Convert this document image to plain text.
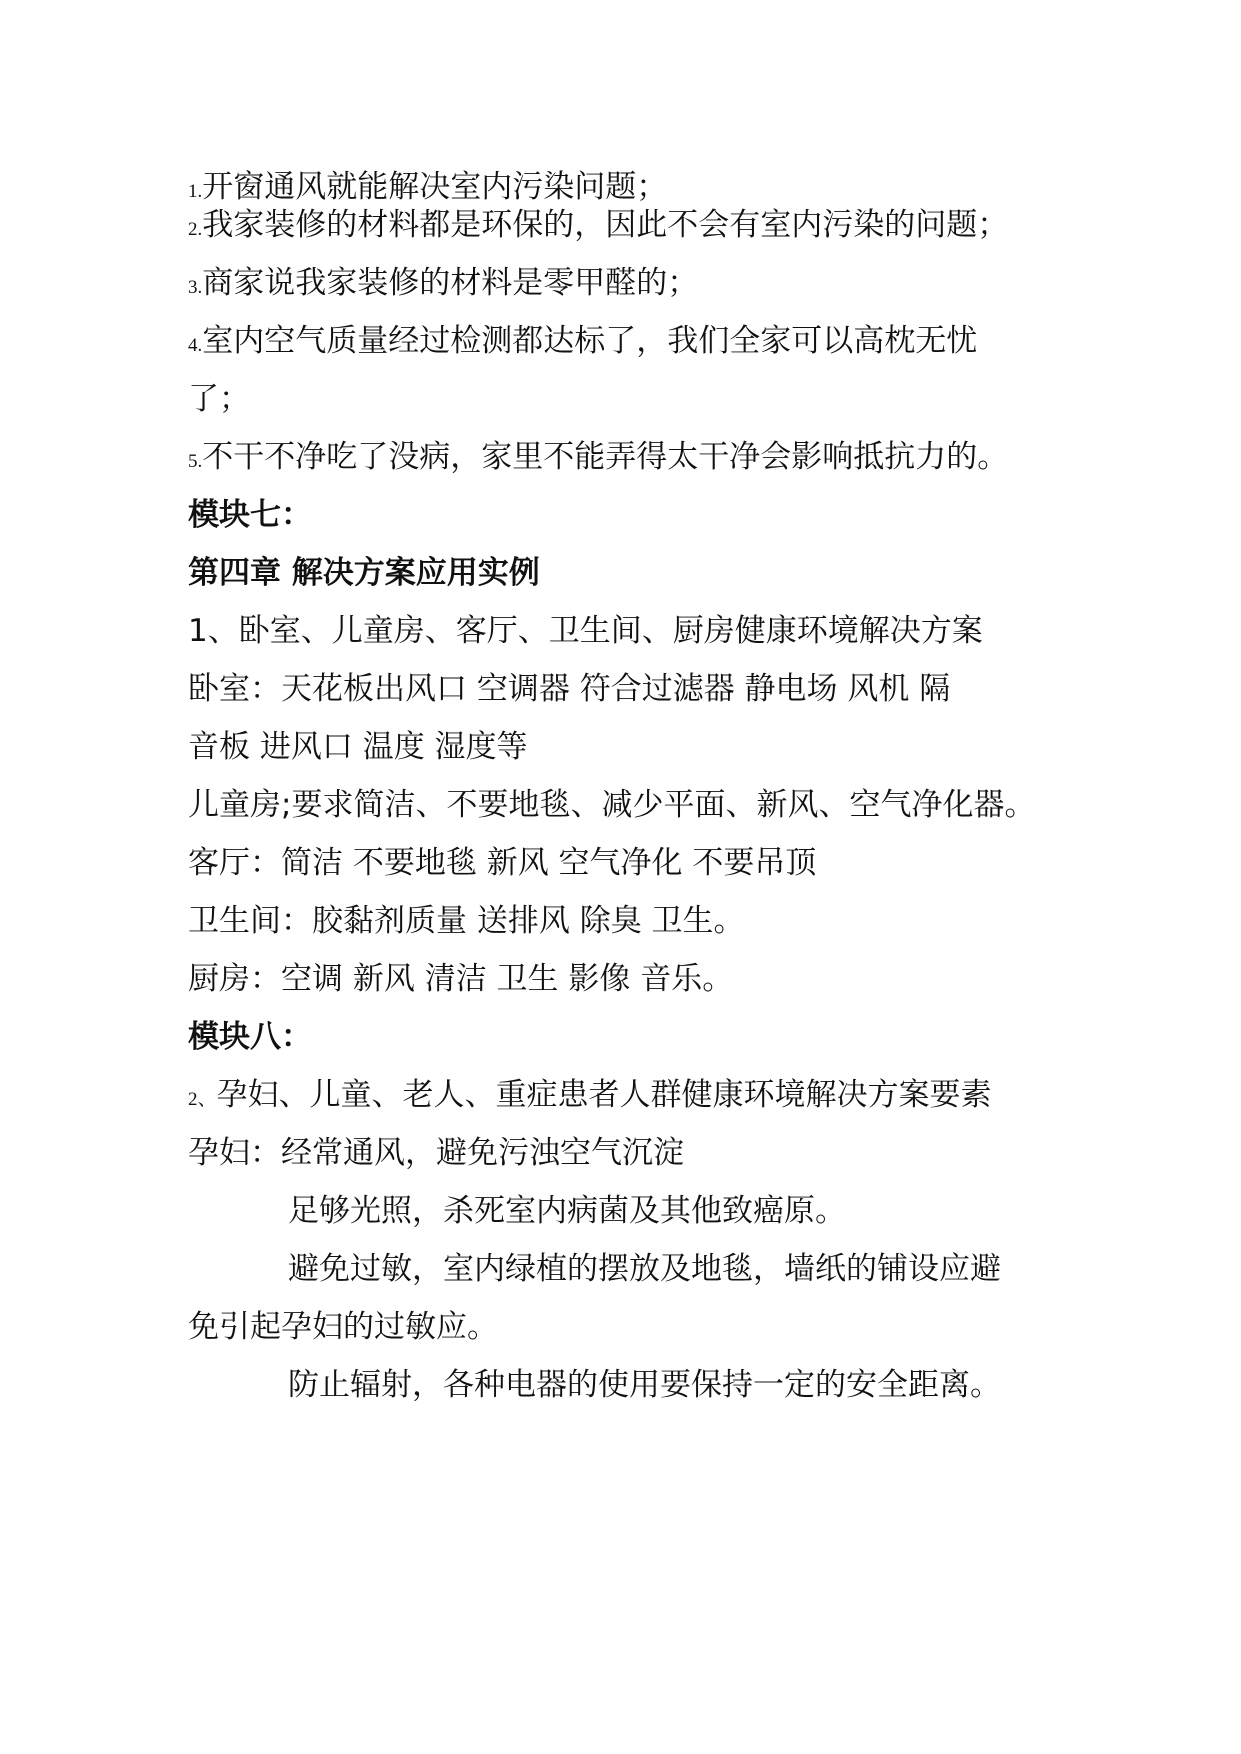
1.开窗通风就能解决室内污染问题；
2.我家装修的材料都是环保的，因此不会有室内污染的问题；
3.商家说我家装修的材料是零甲醛的；
4.室内空气质量经过检测都达标了，我们全家可以高枕无忧
了；
5.不干不净吃了没病，家里不能弄得太干净会影响抵抗力的。
模块七：
第四章 解决方案应用实例
1、卧室、儿童房、客厅、卫生间、厨房健康环境解决方案
卧室：天花板出风口 空调器 符合过滤器 静电场 风机 隔
音板 进风口 温度 湿度等
儿童房;要求简洁、不要地毯、减少平面、新风、空气净化器。
客厅：简洁 不要地毯 新风 空气净化 不要吊顶
卫生间：胶黏剂质量 送排风 除臭 卫生。
厨房：空调 新风 清洁 卫生 影像 音乐。
模块八：
2、孕妇、儿童、老人、重症患者人群健康环境解决方案要素
孕妇：经常通风，避免污浊空气沉淀
足够光照，杀死室内病菌及其他致癌原。
避免过敏，室内绿植的摆放及地毯，墙纸的铺设应避
免引起孕妇的过敏应。
防止辐射，各种电器的使用要保持一定的安全距离。
